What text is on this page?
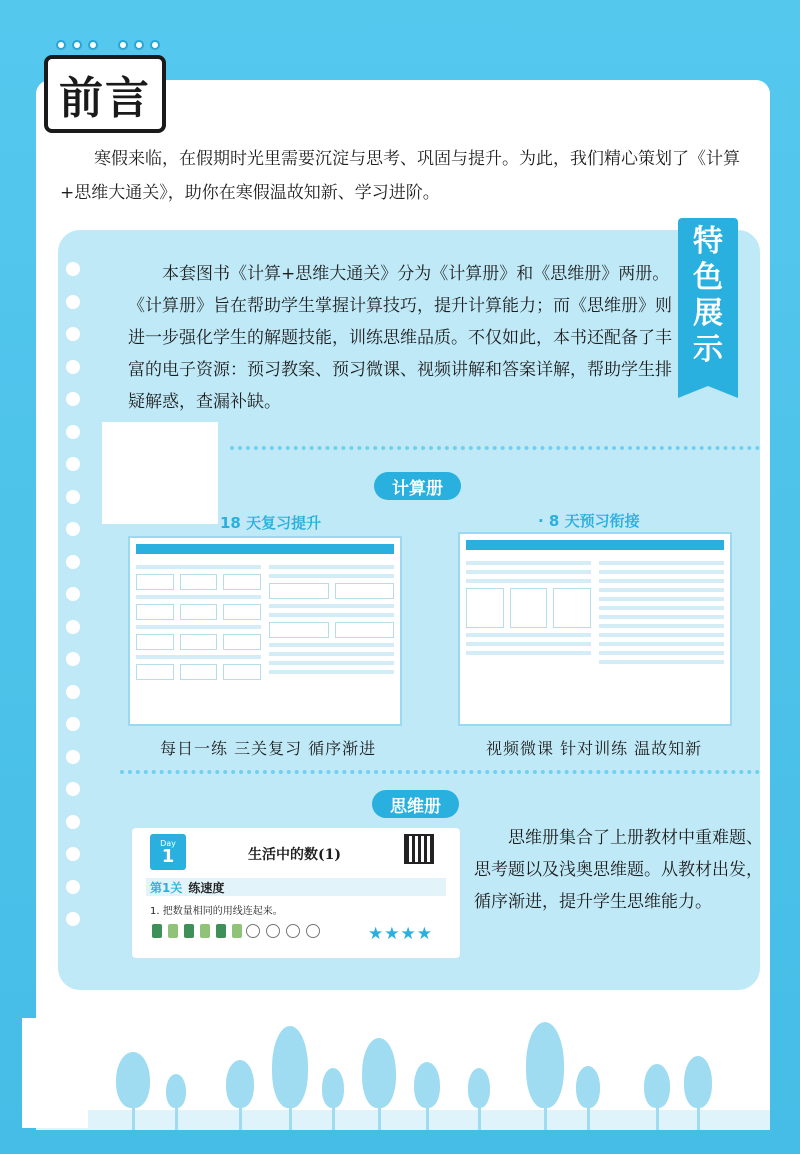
前言

寒假来临，在假期时光里需要沉淀与思考、巩固与提升。为此，我们精心策划了《计算+思维大通关》，助你在寒假温故知新、学习进阶。

特
色
展
示

本套图书《计算+思维大通关》分为《计算册》和《思维册》两册。《计算册》旨在帮助学生掌握计算技巧，提升计算能力；而《思维册》则进一步强化学生的解题技能，训练思维品质。不仅如此，本书还配备了丰富的电子资源：预习教案、预习微课、视频讲解和答案详解，帮助学生排疑解惑，查漏补缺。

计算册
18 天复习提升	· 8 天预习衔接
每日一练 三关复习 循序渐进	视频微课 针对训练 温故知新
思维册
Day
1	生活中的数(1)
第1关 练速度
1. 把数量相同的用线连起来。
★★★★

思维册集合了上册教材中重难题、思考题以及浅奥思维题。从教材出发，循序渐进，提升学生思维能力。
